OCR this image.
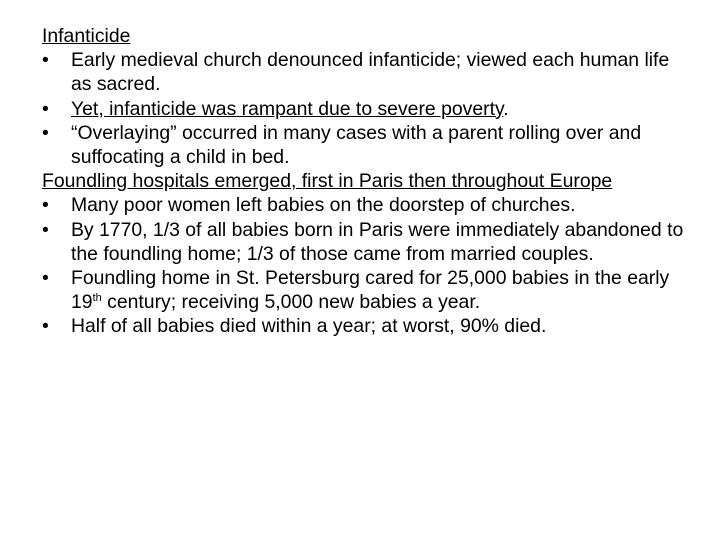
Infanticide
•	Early medieval church denounced infanticide; viewed each human life as sacred.
•	Yet, infanticide was rampant due to severe poverty.
•	“Overlaying” occurred in many cases with a parent rolling over and suffocating a child in bed.
Foundling hospitals emerged, first in Paris then throughout Europe
•	Many poor women left babies on the doorstep of churches.
•	By 1770, 1/3 of all babies born in Paris were immediately abandoned to the foundling home; 1/3 of those came from married couples.
•	Foundling home in St. Petersburg cared for 25,000 babies in the early 19th century; receiving 5,000 new babies a year.
•	Half of all babies died within a year; at worst, 90% died.
